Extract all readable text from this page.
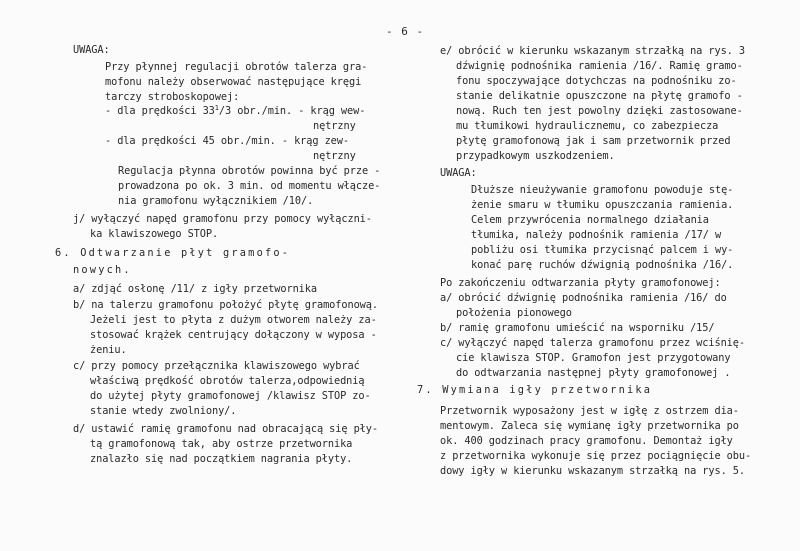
- 6 -
UWAGA:
Przy płynnej regulacji obrotów talerza gra-
mofonu należy obserwować następujące kręgi
tarczy stroboskopowej:
- dla prędkości $33^1/3$ obr./min. - krąg wew-
nętrzny
- dla prędkości 45 obr./min. - krąg zew-
nętrzny
Regulacja płynna obrotów powinna być prze -
prowadzona po ok. 3 min. od momentu włącze-
nia gramofonu wyłącznikiem /10/.
j/ wyłączyć napęd gramofonu przy pomocy wyłączni-
ka klawiszowego STOP.
6. Odtwarzanie płyt gramofo-
nowych.
a/ zdjąć osłonę /11/ z igły przetwornika
b/ na talerzu gramofonu położyć płytę gramofonową.
Jeżeli jest to płyta z dużym otworem należy za-
stosować krążek centrujący dołączony w wyposa -
żeniu.
c/ przy pomocy przełącznika klawiszowego wybrać
właściwą prędkość obrotów talerza,odpowiednią
do użytej płyty gramofonowej /klawisz STOP zo-
stanie wtedy zwolniony/.
d/ ustawić ramię gramofonu nad obracającą się pły-
tą gramofonową tak, aby ostrze przetwornika
znalazło się nad początkiem nagrania płyty.
e/ obrócić w kierunku wskazanym strzałką na rys. 3
dźwignię podnośnika ramienia /16/. Ramię gramo-
fonu spoczywające dotychczas na podnośniku zo-
stanie delikatnie opuszczone na płytę gramofo -
nową. Ruch ten jest powolny dzięki zastosowane-
mu tłumikowi hydraulicznemu, co zabezpiecza
płytę gramofonową jak i sam przetwornik przed
przypadkowym uszkodzeniem.
UWAGA:
Dłuższe nieużywanie gramofonu powoduje stę-
żenie smaru w tłumiku opuszczania ramienia.
Celem przywrócenia normalnego działania
tłumika, należy podnośnik ramienia /17/ w
pobliżu osi tłumika przycisnąć palcem i wy-
konać parę ruchów dźwignią podnośnika /16/.
Po zakończeniu odtwarzania płyty gramofonowej:
a/ obrócić dźwignię podnośnika ramienia /16/ do
położenia pionowego
b/ ramię gramofonu umieścić na wsporniku /15/
c/ wyłączyć napęd talerza gramofonu przez wciśnię-
cie klawisza STOP. Gramofon jest przygotowany
do odtwarzania następnej płyty gramofonowej .
7. Wymiana igły przetwornika
Przetwornik wyposażony jest w igłę z ostrzem dia-
mentowym. Zaleca się wymianę igły przetwornika po
ok. 400 godzinach pracy gramofonu. Demontaż igły
z przetwornika wykonuje się przez pociągnięcie obu-
dowy igły w kierunku wskazanym strzałką na rys. 5.
